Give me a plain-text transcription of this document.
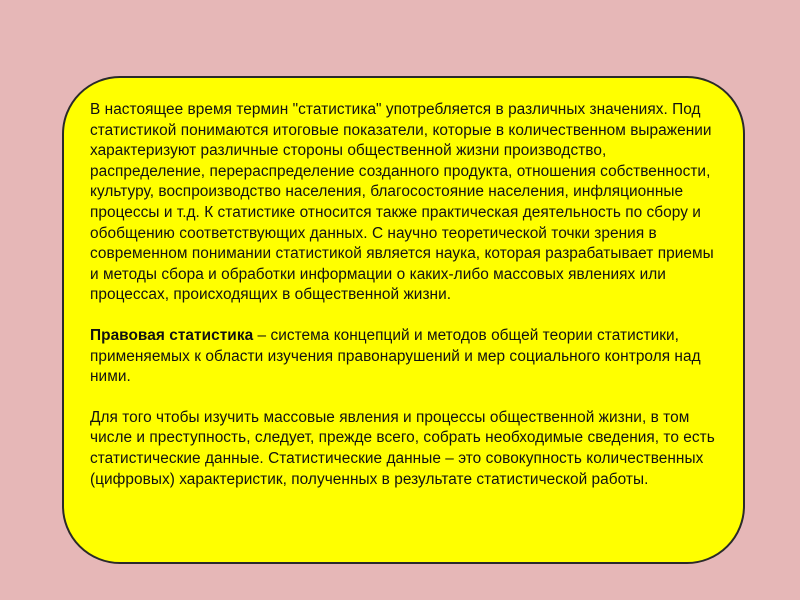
В настоящее время термин "статистика" употребляется в различных значениях. Под статистикой понимаются итоговые показатели, которые в количественном выражении характеризуют различные стороны общественной жизни производство, распределение, перераспределение созданного продукта, отношения собственности, культуру, воспроизводство населения, благосостояние населения, инфляционные процессы и т.д. К статистике относится также практическая деятельность по сбору и обобщению соответствующих данных. С научно теоретической точки зрения в современном понимании статистикой является наука, которая разрабатывает приемы и методы сбора и обработки информации о каких-либо массовых явлениях или процессах, происходящих в общественной жизни.

Правовая статистика – система концепций и методов общей теории статистики, применяемых к области изучения правонарушений и мер социального контроля над ними.

Для того чтобы изучить массовые явления и процессы общественной жизни, в том числе и преступность, следует, прежде всего, собрать необходимые сведения, то есть статистические данные. Статистические данные – это совокупность количественных (цифровых) характеристик, полученных в результате статистической работы.
